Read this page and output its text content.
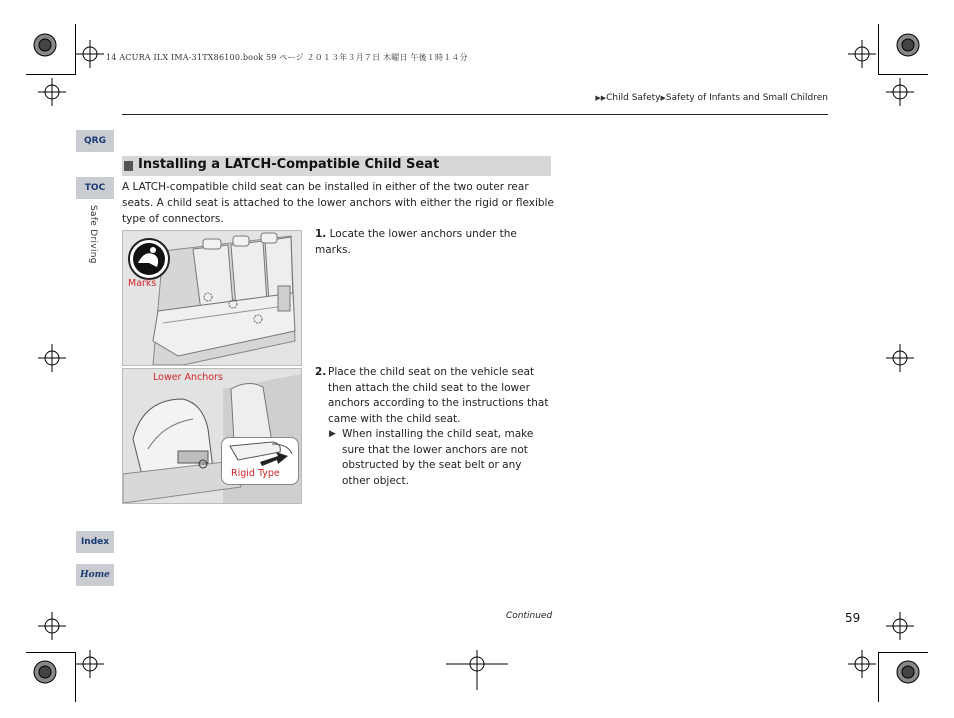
14 ACURA ILX IMA-31TX86100.book 59 ページ ２０１３年３月７日 木曜日 午後１時１４分
▶▶Child Safety▶Safety of Infants and Small Children
QRG
TOC
Safe Driving
Index
Home
Installing a LATCH-Compatible Child Seat
A LATCH-compatible child seat can be installed in either of the two outer rear seats. A child seat is attached to the lower anchors with either the rigid or flexible type of connectors.
Marks
1. Locate the lower anchors under the marks.
Lower Anchors
Rigid Type
2. Place the child seat on the vehicle seat then attach the child seat to the lower anchors according to the instructions that came with the child seat.
▶ When installing the child seat, make sure that the lower anchors are not obstructed by the seat belt or any other object.
Continued	59
